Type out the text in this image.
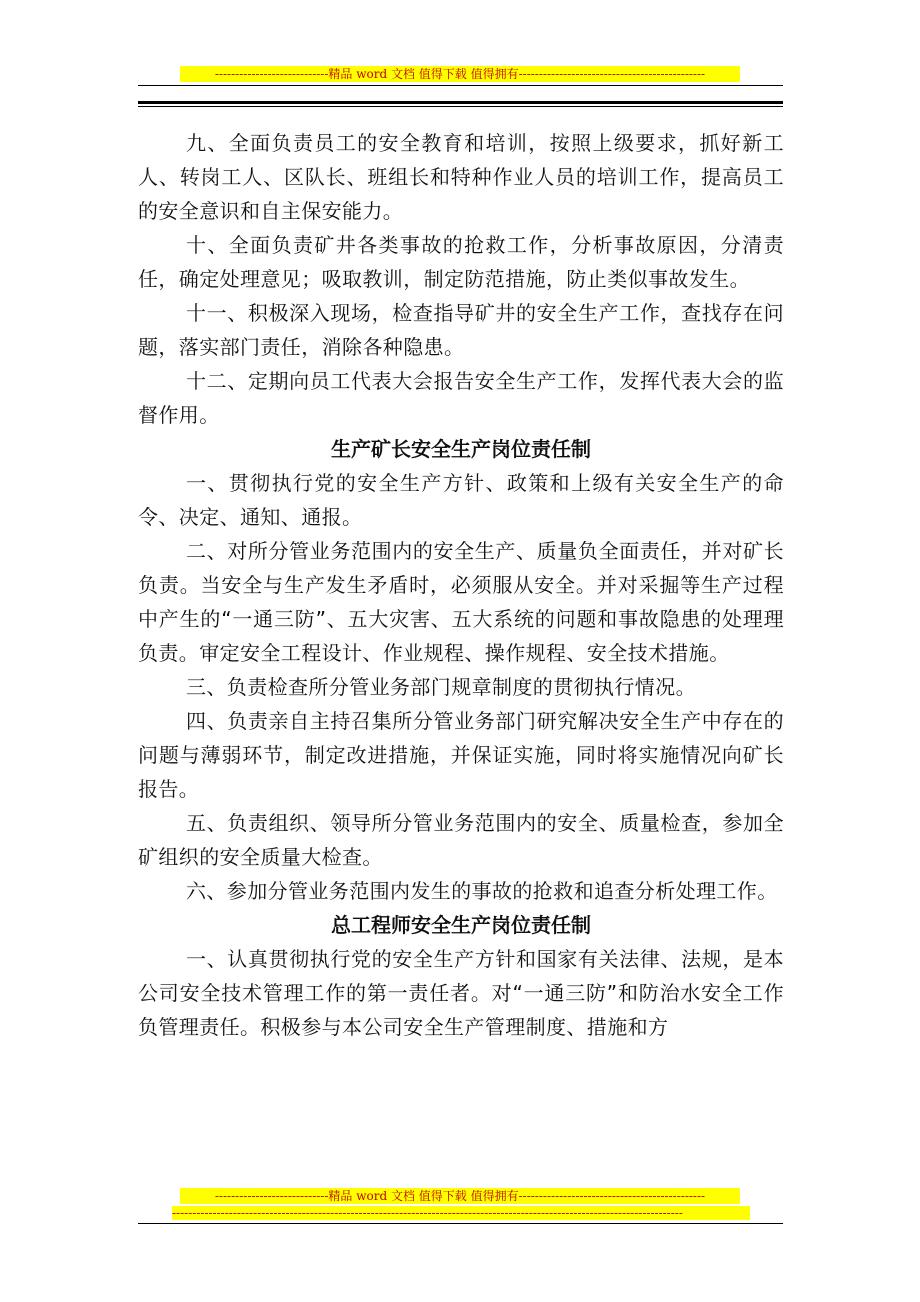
----------------------------精品 word 文档 值得下载 值得拥有----------------------------------------------

九、全面负责员工的安全教育和培训，按照上级要求，抓好新工人、转岗工人、区队长、班组长和特种作业人员的培训工作，提高员工的安全意识和自主保安能力。

十、全面负责矿井各类事故的抢救工作，分析事故原因，分清责任，确定处理意见；吸取教训，制定防范措施，防止类似事故发生。

十一、积极深入现场，检查指导矿井的安全生产工作，查找存在问题，落实部门责任，消除各种隐患。

十二、定期向员工代表大会报告安全生产工作，发挥代表大会的监督作用。

生产矿长安全生产岗位责任制

一、贯彻执行党的安全生产方针、政策和上级有关安全生产的命令、决定、通知、通报。

二、对所分管业务范围内的安全生产、质量负全面责任，并对矿长负责。当安全与生产发生矛盾时，必须服从安全。并对采掘等生产过程中产生的“一通三防”、五大灾害、五大系统的问题和事故隐患的处理理负责。审定安全工程设计、作业规程、操作规程、安全技术措施。

三、负责检查所分管业务部门规章制度的贯彻执行情况。

四、负责亲自主持召集所分管业务部门研究解决安全生产中存在的问题与薄弱环节，制定改进措施，并保证实施，同时将实施情况向矿长报告。

五、负责组织、领导所分管业务范围内的安全、质量检查，参加全矿组织的安全质量大检查。

六、参加分管业务范围内发生的事故的抢救和追查分析处理工作。

总工程师安全生产岗位责任制

一、认真贯彻执行党的安全生产方针和国家有关法律、法规，是本公司安全技术管理工作的第一责任者。对“一通三防”和防治水安全工作负管理责任。积极参与本公司安全生产管理制度、措施和方

----------------------------精品 word 文档 值得下载 值得拥有----------------------------------------------
------------------------------------------------------------------------------------------------------------------------------
